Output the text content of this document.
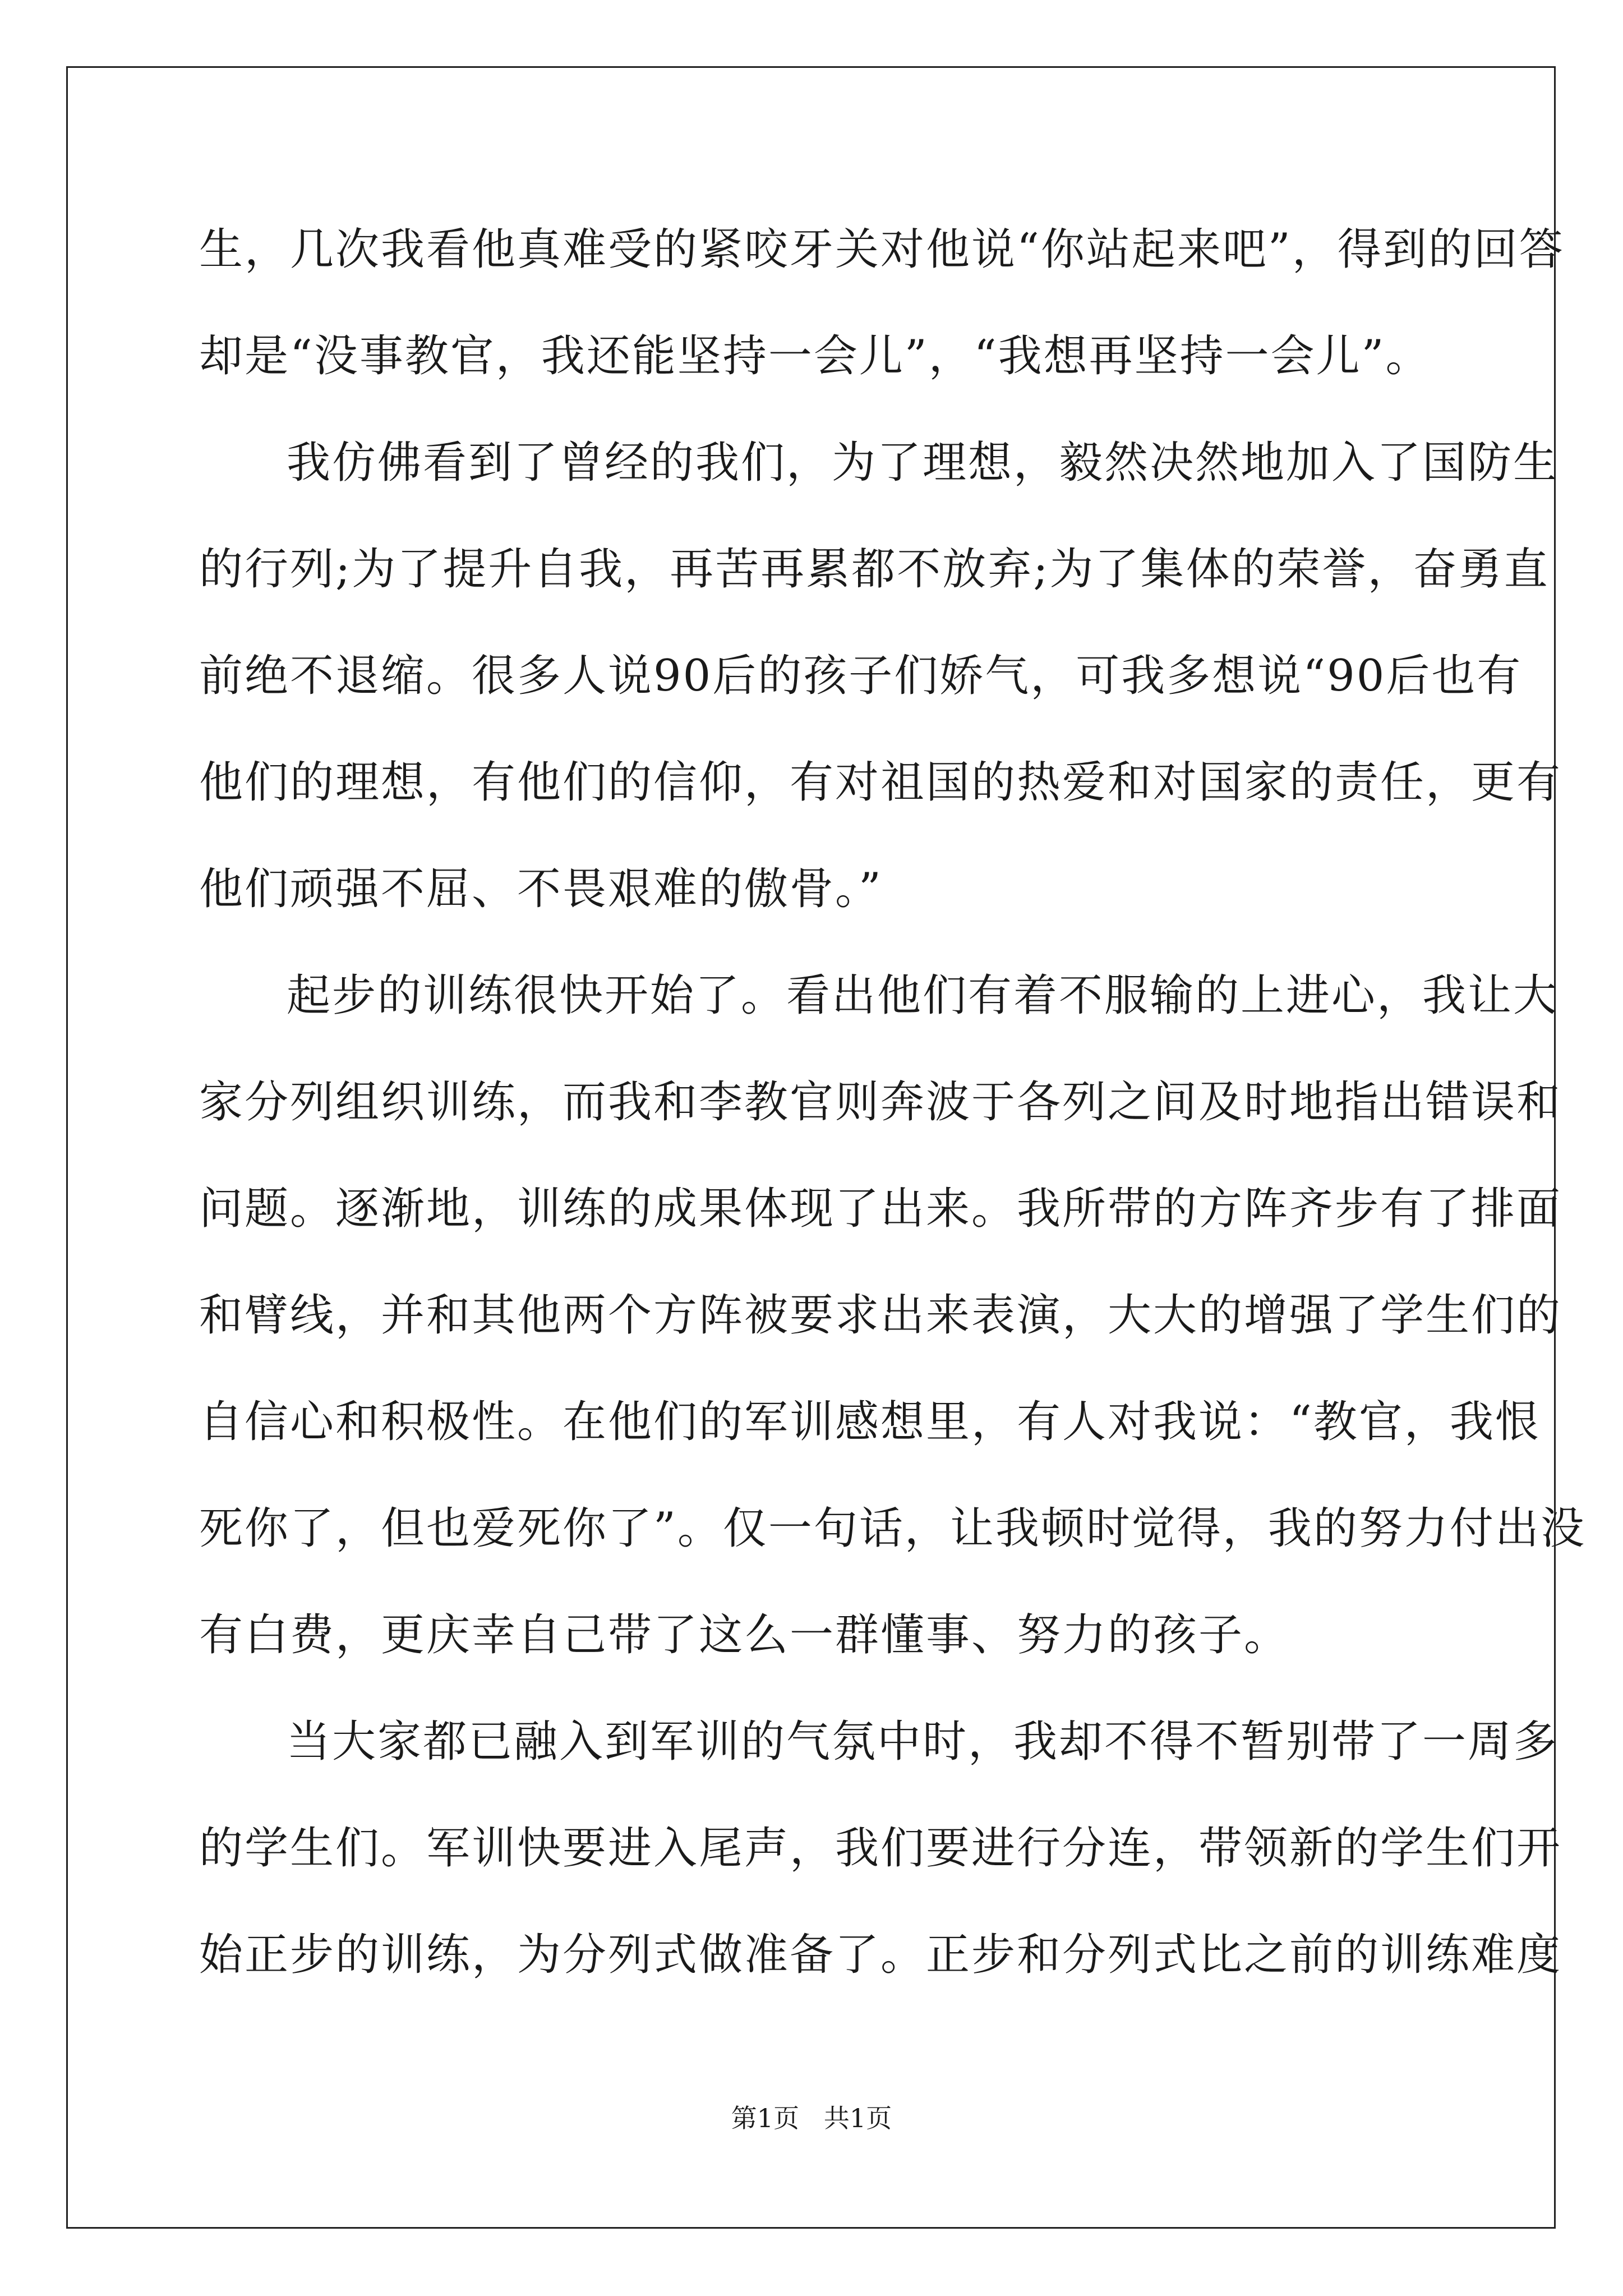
生，几次我看他真难受的紧咬牙关对他说“你站起来吧”，得到的回答
却是“没事教官，我还能坚持一会儿”，“我想再坚持一会儿”。
我仿佛看到了曾经的我们，为了理想，毅然决然地加入了国防生
的行列;为了提升自我，再苦再累都不放弃;为了集体的荣誉，奋勇直
前绝不退缩。很多人说90后的孩子们娇气，可我多想说“90后也有
他们的理想，有他们的信仰，有对祖国的热爱和对国家的责任，更有
他们顽强不屈、不畏艰难的傲骨。”
起步的训练很快开始了。看出他们有着不服输的上进心，我让大
家分列组织训练，而我和李教官则奔波于各列之间及时地指出错误和
问题。逐渐地，训练的成果体现了出来。我所带的方阵齐步有了排面
和臂线，并和其他两个方阵被要求出来表演，大大的增强了学生们的
自信心和积极性。在他们的军训感想里，有人对我说：“教官，我恨
死你了，但也爱死你了”。仅一句话，让我顿时觉得，我的努力付出没
有白费，更庆幸自己带了这么一群懂事、努力的孩子。
当大家都已融入到军训的气氛中时，我却不得不暂别带了一周多
的学生们。军训快要进入尾声，我们要进行分连，带领新的学生们开
始正步的训练，为分列式做准备了。正步和分列式比之前的训练难度
第1页   共1页
